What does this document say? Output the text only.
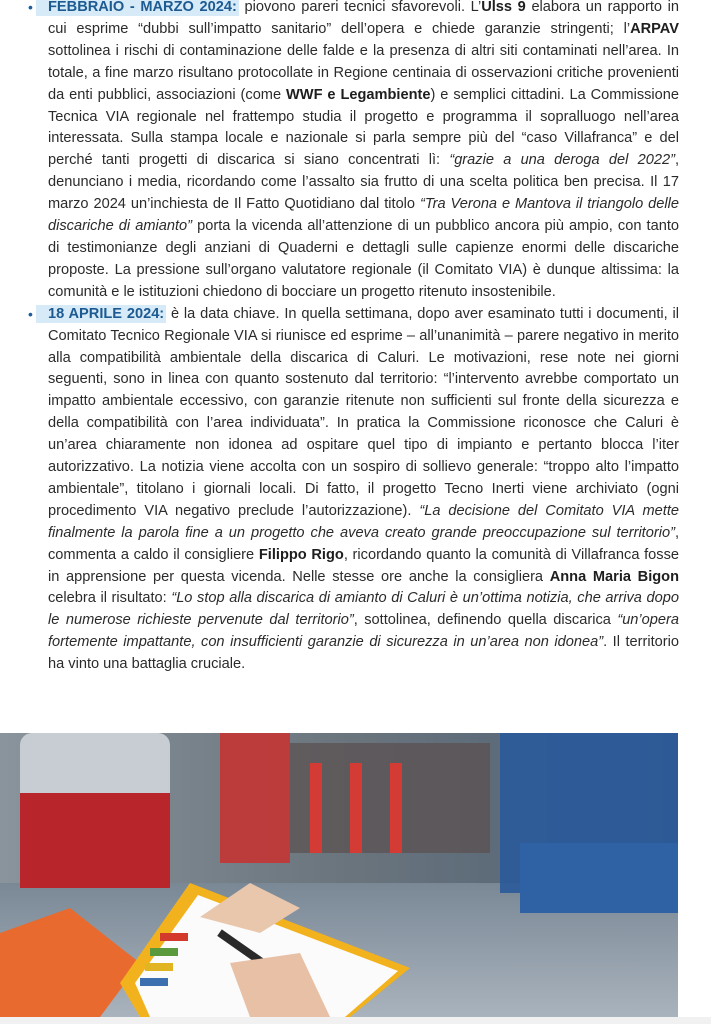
• FEBBRAIO - MARZO 2024: piovono pareri tecnici sfavorevoli. L’Ulss 9 elabora un rapporto in cui esprime “dubbi sull’impatto sanitario” dell’opera e chiede garanzie stringenti; l’ARPAV sottolinea i rischi di contaminazione delle falde e la presenza di altri siti contaminati nell’area. In totale, a fine marzo risultano protocollate in Regione centinaia di osservazioni critiche provenienti da enti pubblici, associazioni (come WWF e Legambiente) e semplici cittadini. La Commissione Tecnica VIA regionale nel frattempo studia il progetto e programma il sopralluogo nell’area interessata. Sulla stampa locale e nazionale si parla sempre più del “caso Villafranca” e del perché tanti progetti di discarica si siano concentrati lì: “grazie a una deroga del 2022”, denunciano i media, ricordando come l’assalto sia frutto di una scelta politica ben precisa. Il 17 marzo 2024 un’inchiesta de Il Fatto Quotidiano dal titolo “Tra Verona e Mantova il triangolo delle discariche di amianto” porta la vicenda all’attenzione di un pubblico ancora più ampio, con tanto di testimonianze degli anziani di Quaderni e dettagli sulle capienze enormi delle discariche proposte. La pressione sull’organo valutatore regionale (il Comitato VIA) è dunque altissima: la comunità e le istituzioni chiedono di bocciare un progetto ritenuto insostenibile.
• 18 APRILE 2024: è la data chiave. In quella settimana, dopo aver esaminato tutti i documenti, il Comitato Tecnico Regionale VIA si riunisce ed esprime – all’unanimità – parere negativo in merito alla compatibilità ambientale della discarica di Caluri. Le motivazioni, rese note nei giorni seguenti, sono in linea con quanto sostenuto dal territorio: “l’intervento avrebbe comportato un impatto ambientale eccessivo, con garanzie ritenute non sufficienti sul fronte della sicurezza e della compatibilità con l’area individuata”. In pratica la Commissione riconosce che Caluri è un’area chiaramente non idonea ad ospitare quel tipo di impianto e pertanto blocca l’iter autorizzativo. La notizia viene accolta con un sospiro di sollievo generale: “troppo alto l’impatto ambientale”, titolano i giornali locali. Di fatto, il progetto Tecno Inerti viene archiviato (ogni procedimento VIA negativo preclude l’autorizzazione). “La decisione del Comitato VIA mette finalmente la parola fine a un progetto che aveva creato grande preoccupazione sul territorio”, commenta a caldo il consigliere Filippo Rigo, ricordando quanto la comunità di Villafranca fosse in apprensione per questa vicenda. Nelle stesse ore anche la consigliera Anna Maria Bigon celebra il risultato: “Lo stop alla discarica di amianto di Caluri è un’ottima notizia, che arriva dopo le numerose richieste pervenute dal territorio”, sottolinea, definendo quella discarica “un’opera fortemente impattante, con insufficienti garanzie di sicurezza in un’area non idonea”. Il territorio ha vinto una battaglia cruciale.
